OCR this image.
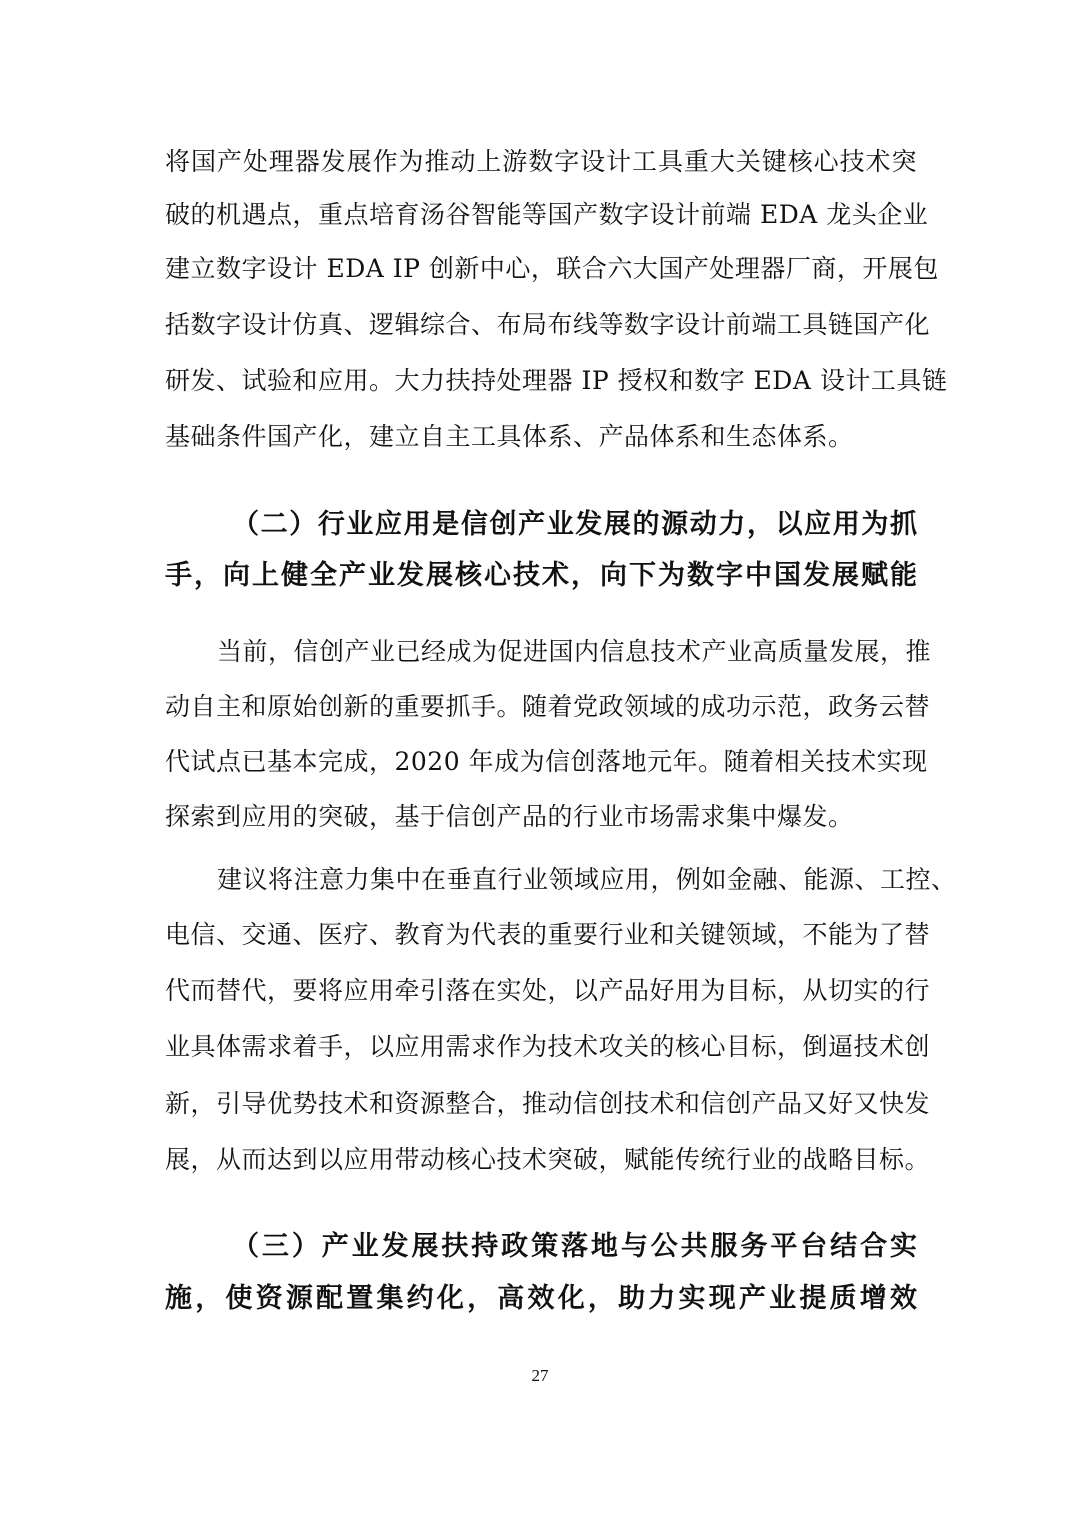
将国产处理器发展作为推动上游数字设计工具重大关键核心技术突
破的机遇点，重点培育汤谷智能等国产数字设计前端 EDA 龙头企业
建立数字设计 EDA IP 创新中心，联合六大国产处理器厂商，开展包
括数字设计仿真、逻辑综合、布局布线等数字设计前端工具链国产化
研发、试验和应用。大力扶持处理器 IP 授权和数字 EDA 设计工具链
基础条件国产化，建立自主工具体系、产品体系和生态体系。
（二）行业应用是信创产业发展的源动力，以应用为抓
手，向上健全产业发展核心技术，向下为数字中国发展赋能
当前，信创产业已经成为促进国内信息技术产业高质量发展，推
动自主和原始创新的重要抓手。随着党政领域的成功示范，政务云替
代试点已基本完成，2020 年成为信创落地元年。随着相关技术实现
探索到应用的突破，基于信创产品的行业市场需求集中爆发。
建议将注意力集中在垂直行业领域应用，例如金融、能源、工控、
电信、交通、医疗、教育为代表的重要行业和关键领域，不能为了替
代而替代，要将应用牵引落在实处，以产品好用为目标，从切实的行
业具体需求着手，以应用需求作为技术攻关的核心目标，倒逼技术创
新，引导优势技术和资源整合，推动信创技术和信创产品又好又快发
展，从而达到以应用带动核心技术突破，赋能传统行业的战略目标。
（三）产业发展扶持政策落地与公共服务平台结合实
施，使资源配置集约化，高效化，助力实现产业提质增效
27
